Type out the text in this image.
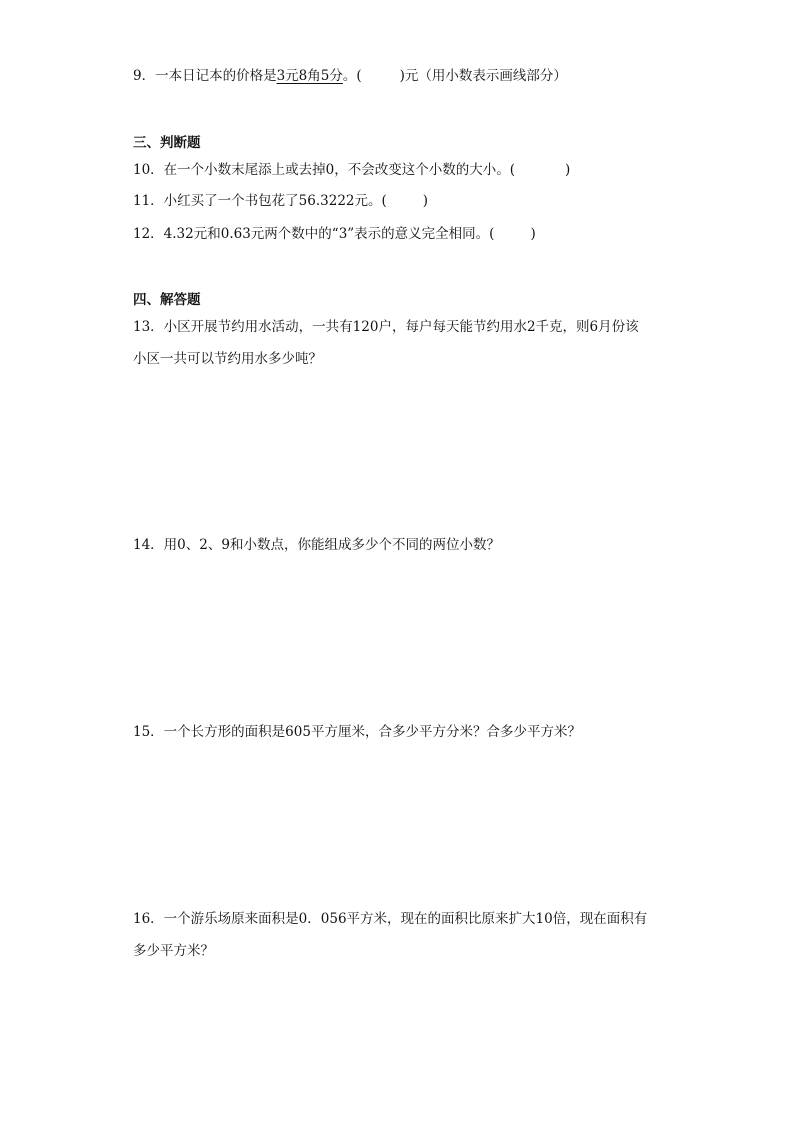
9．一本日记本的价格是3元8角5分。(	)元（用小数表示画线部分）
三、判断题
10．在一个小数末尾添上或去掉0，不会改变这个小数的大小。(	)
11．小红买了一个书包花了56.3222元。(	)
12．4.32元和0.63元两个数中的“3”表示的意义完全相同。(	)
四、解答题
13．小区开展节约用水活动，一共有120户，每户每天能节约用水2千克，则6月份该
小区一共可以节约用水多少吨？
14．用0、2、9和小数点，你能组成多少个不同的两位小数？
15．一个长方形的面积是605平方厘米，合多少平方分米？合多少平方米？
16．一个游乐场原来面积是0．056平方米，现在的面积比原来扩大10倍，现在面积有
多少平方米？
